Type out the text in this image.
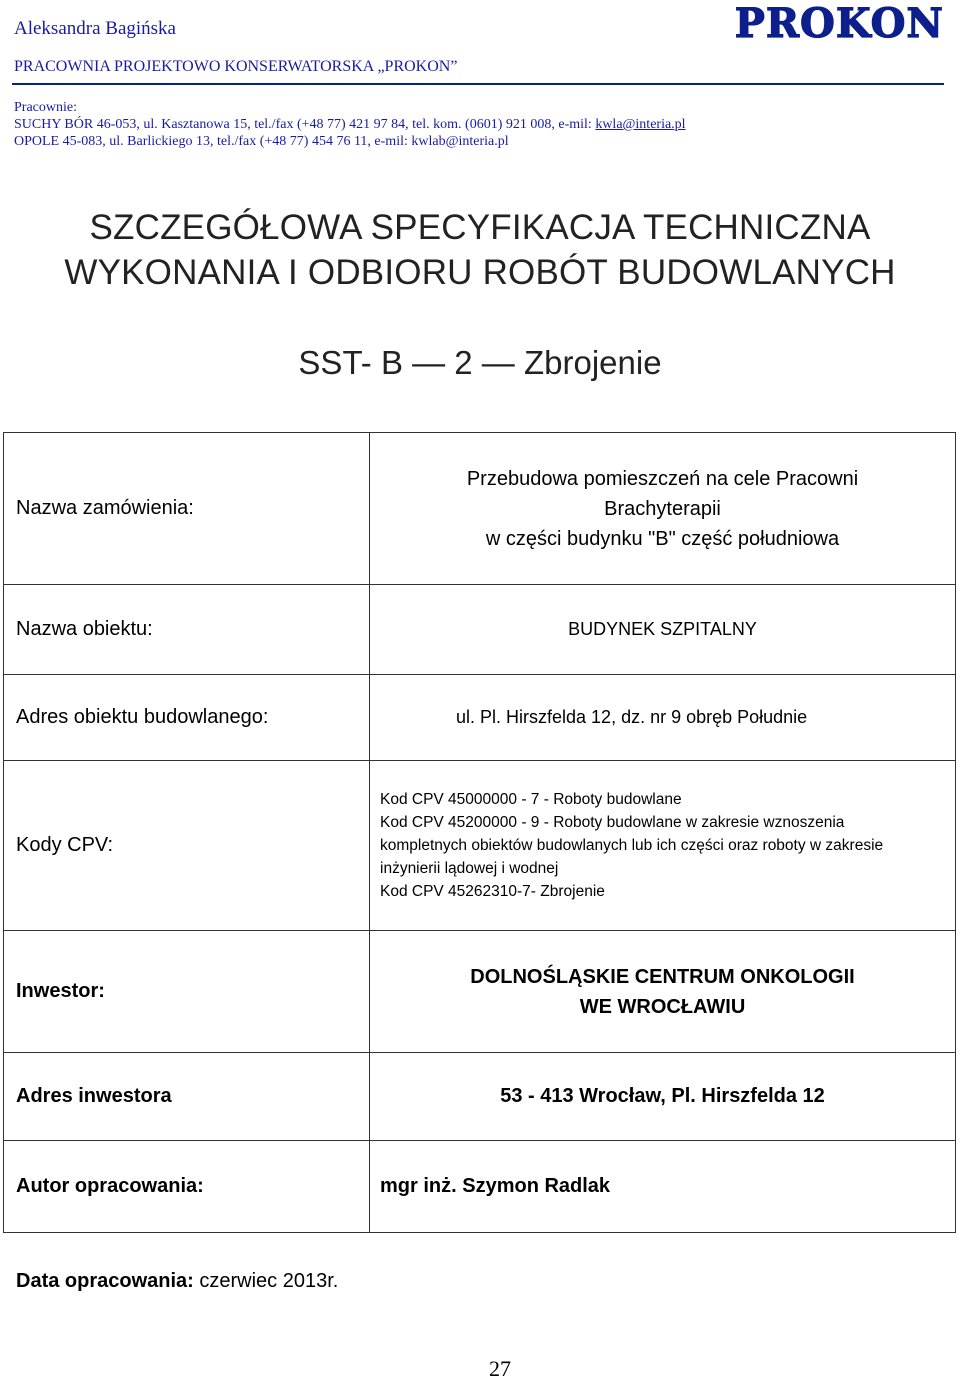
Aleksandra Bagińska
PRACOWNIA PROJEKTOWO KONSERWATORSKA „PROKON”
PROKON
Pracownie:
SUCHY BÓR 46-053, ul. Kasztanowa 15, tel./fax (+48 77) 421 97 84, tel. kom. (0601) 921 008, e-mil: kwla@interia.pl
OPOLE 45-083, ul. Barlickiego 13, tel./fax (+48 77) 454 76 11, e-mil: kwlab@interia.pl
SZCZEGÓŁOWA SPECYFIKACJA TECHNICZNA
WYKONANIA I ODBIORU ROBÓT BUDOWLANYCH
SST- B — 2 — Zbrojenie
Nazwa zamówienia:	Przebudowa pomieszczeń na cele Pracowni
Brachyterapii
w części budynku "B" część południowa

Nazwa obiektu:	BUDYNEK SZPITALNY
Adres obiektu budowlanego:	ul. Pl. Hirszfelda 12, dz. nr 9 obręb Południe
Kody CPV:	Kod CPV 45000000 - 7 - Roboty budowlane
Kod CPV 45200000 - 9 - Roboty budowlane w zakresie wznoszenia
kompletnych obiektów budowlanych lub ich części oraz roboty w zakresie
inżynierii lądowej i wodnej
Kod CPV 45262310-7- Zbrojenie

Inwestor:	DOLNOŚLĄSKIE CENTRUM ONKOLOGII
WE WROCŁAWIU

Adres inwestora	53 - 413 Wrocław, Pl. Hirszfelda 12
Autor opracowania:	mgr inż. Szymon Radlak
Data opracowania: czerwiec 2013r.
27
